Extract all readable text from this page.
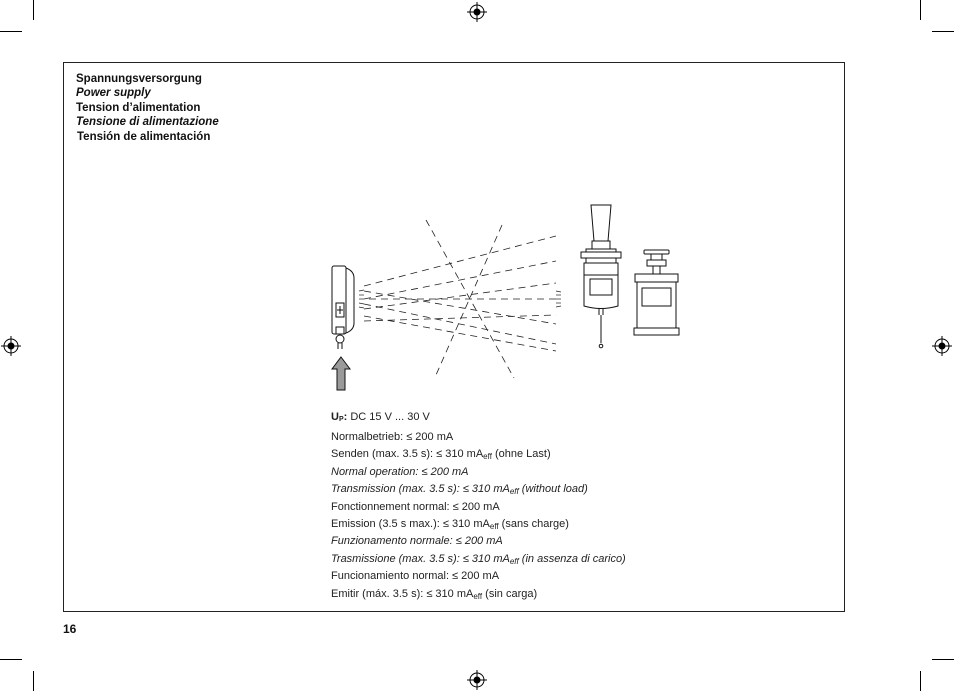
Spannungsversorgung
Power supply
Tension d’alimentation
Tensione di alimentazione
Tensión de alimentación
$U_P$: DC 15 V ... 30 V
Normalbetrieb: ≤ 200 mA
Senden (max. 3.5 s): ≤ 310 $mA_{eff}$ (ohne Last)
Normal operation: ≤ 200 mA
Transmission (max. 3.5 s): ≤ 310 $mA_{eff}$ (without load)
Fonctionnement normal: ≤ 200 mA
Emission (3.5 s max.): ≤ 310 $mA_{eff}$ (sans charge)
Funzionamento normale: ≤ 200 mA
Trasmissione (max. 3.5 s): ≤ 310 $mA_{eff}$ (in assenza di carico)
Funcionamiento normal: ≤ 200 mA
Emitir (máx. 3.5 s): ≤ 310 $mA_{eff}$ (sin carga)
16
